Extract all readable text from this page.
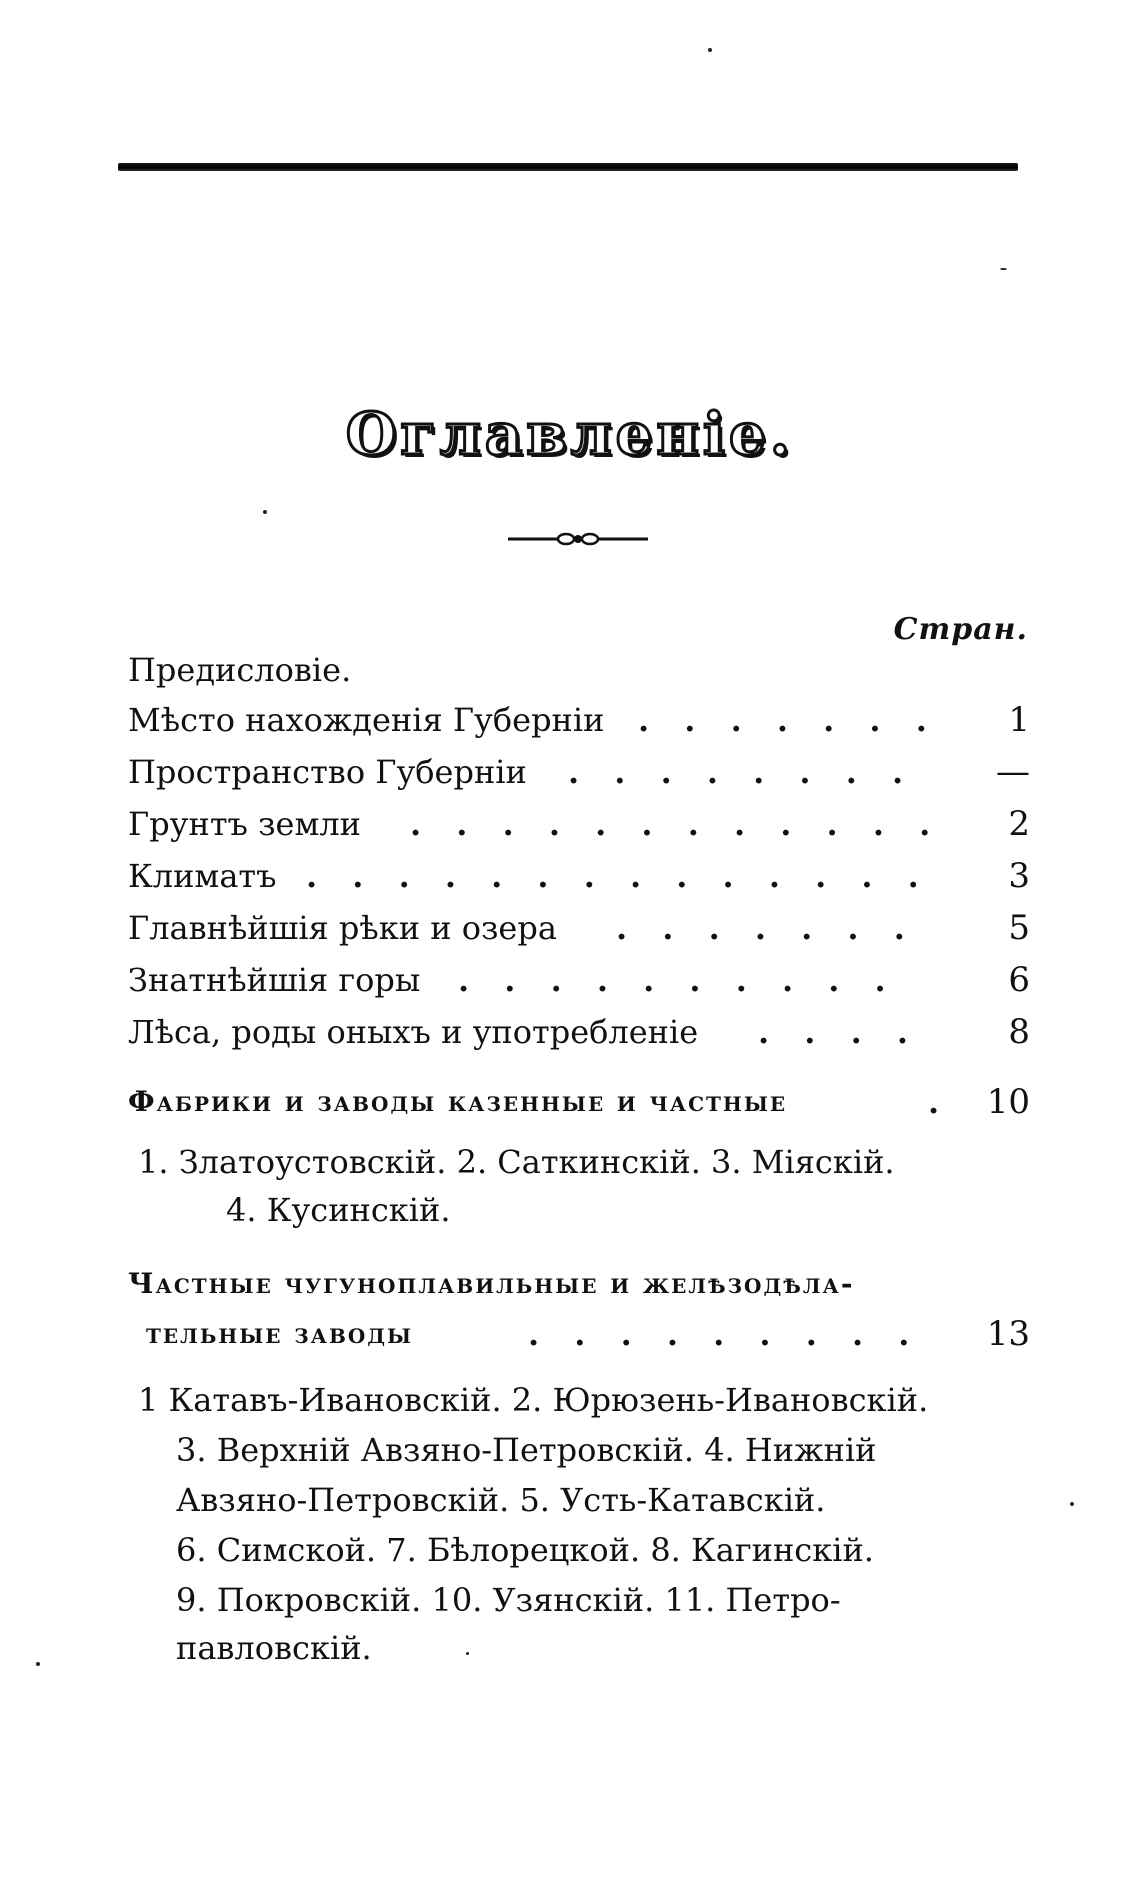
Оглавленіе.
Стран.
Предисловіе.
Мѣсто нахожденія Губерніи . . . . . . . 1
Пространство Губерніи . . . . . . . . —
Грунтъ земли . . . . . . . . . . . . 2
Климатъ . . . . . . . . . . . . . . 3
Главнѣйшія рѣки и озера . . . . . . .	5
Знатнѣйшія горы . . . . . . . . . .	6
Лѣса, роды оныхъ и употребленіе . . . .	8
Фабрики и заводы казенные и частные	. 10
1. Златоустовскій. 2. Саткинскій. 3. Міяскій.
4. Кусинскій.
Частные чугуноплавильные и желѣзодѣла-
тельные заводы	. . . . . . . . . 13
1 Катавъ-Ивановскій. 2. Юрюзень-Ивановскій.
3. Верхній Авзяно-Петровскій. 4. Нижній
Авзяно-Петровскій. 5. Усть-Катавскій.
6. Симской. 7. Бѣлорецкой. 8. Кагинскій.
9. Покровскій. 10. Узянскій. 11. Петро-
павловскій.
